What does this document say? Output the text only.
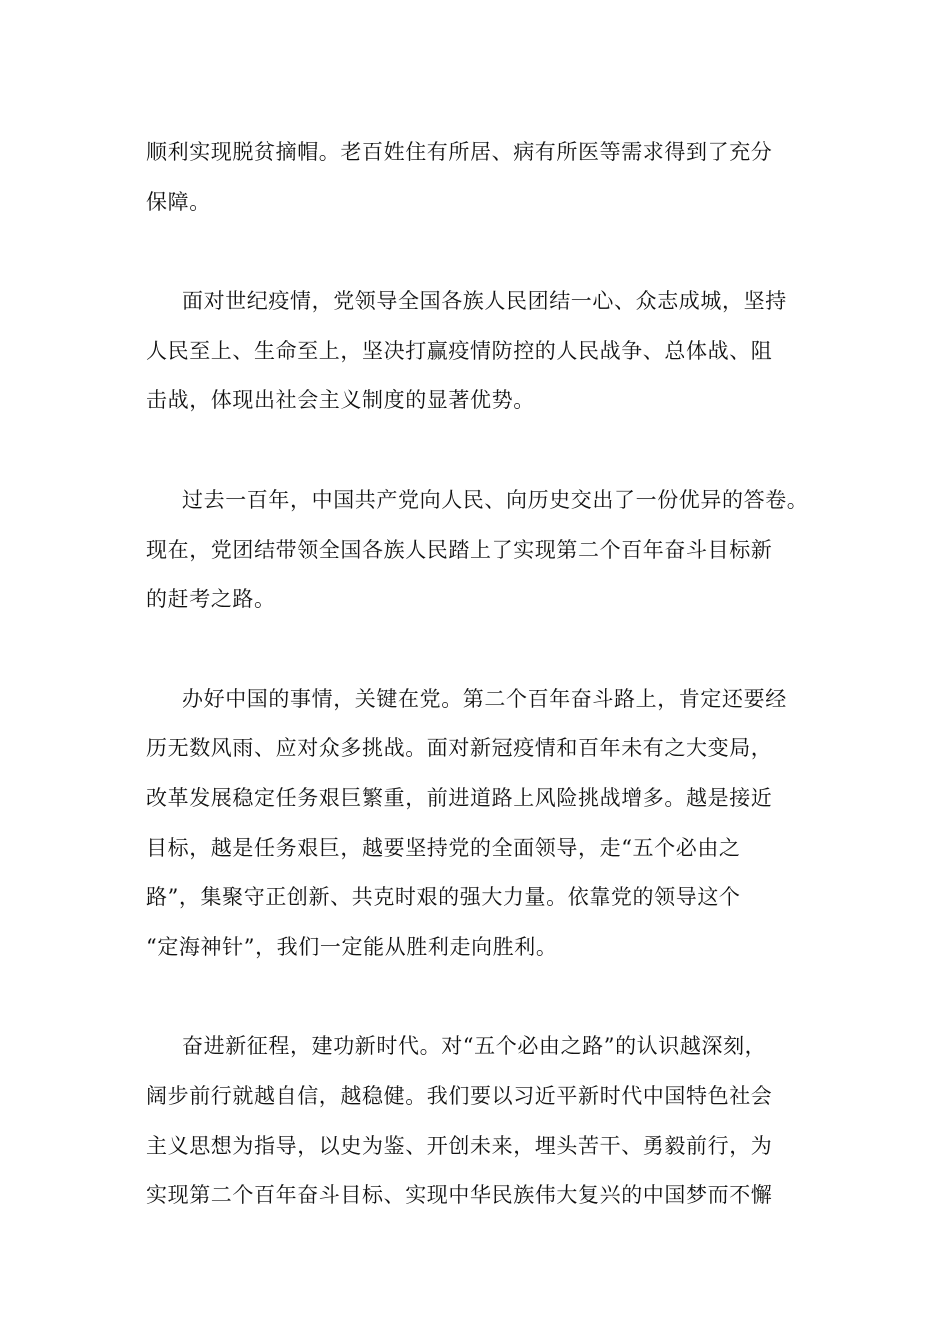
顺利实现脱贫摘帽。老百姓住有所居、病有所医等需求得到了充分
保障。

面对世纪疫情，党领导全国各族人民团结一心、众志成城，坚持
人民至上、生命至上，坚决打赢疫情防控的人民战争、总体战、阻
击战，体现出社会主义制度的显著优势。

过去一百年，中国共产党向人民、向历史交出了一份优异的答卷。
现在，党团结带领全国各族人民踏上了实现第二个百年奋斗目标新
的赶考之路。

办好中国的事情，关键在党。第二个百年奋斗路上，肯定还要经
历无数风雨、应对众多挑战。面对新冠疫情和百年未有之大变局，
改革发展稳定任务艰巨繁重，前进道路上风险挑战增多。越是接近
目标，越是任务艰巨，越要坚持党的全面领导，走“五个必由之
路”，集聚守正创新、共克时艰的强大力量。依靠党的领导这个
“定海神针”，我们一定能从胜利走向胜利。

奋进新征程，建功新时代。对“五个必由之路”的认识越深刻，
阔步前行就越自信，越稳健。我们要以习近平新时代中国特色社会
主义思想为指导，以史为鉴、开创未来，埋头苦干、勇毅前行，为
实现第二个百年奋斗目标、实现中华民族伟大复兴的中国梦而不懈
